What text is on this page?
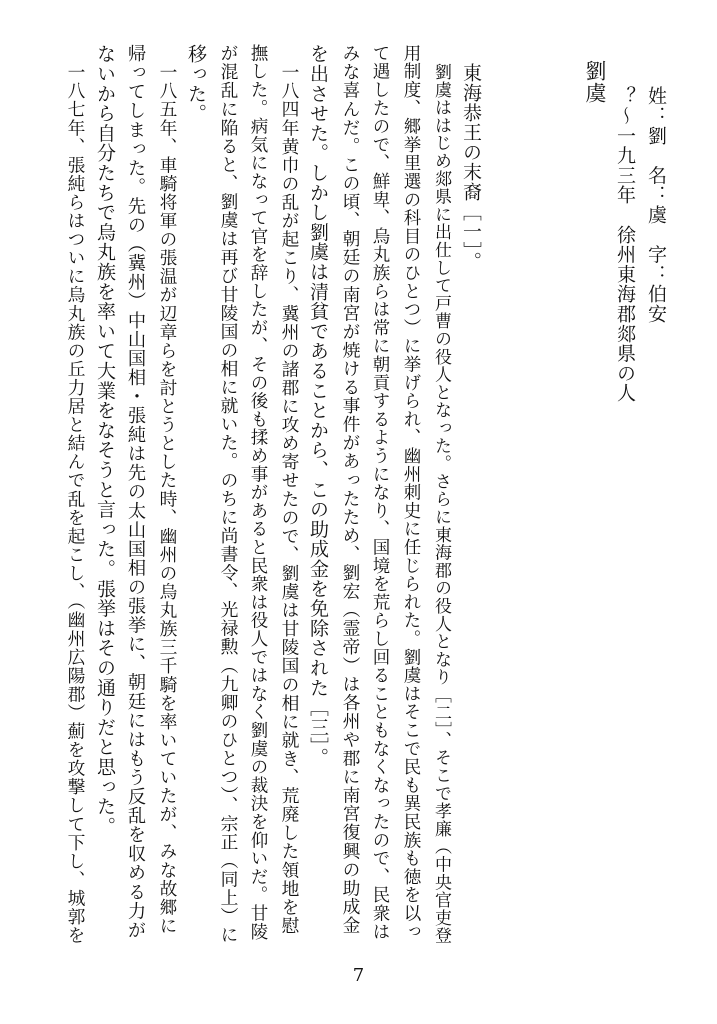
劉虞
？～一九三年　徐州東海郡郯県の人 姓：劉　名：虞　字：伯安
東海恭王の末裔［一］。
劉虞ははじめ郯県に出仕して戸曹の役人となった。さらに東海郡の役人となり［二］、そこで孝廉（中央官吏登
用制度、郷挙里選の科目のひとつ）に挙げられ、幽州刺史に任じられた。劉虞はそこで民も異民族も徳を以っ
て遇したので、鮮卑、烏丸族らは常に朝貢するようになり、国境を荒らし回ることもなくなったので、民衆は
みな喜んだ。この頃、朝廷の南宮が焼ける事件があったため、劉宏（霊帝）は各州や郡に南宮復興の助成金
を出させた。しかし劉虞は清貧であることから、この助成金を免除された［三］。
一八四年黄巾の乱が起こり、冀州の諸郡に攻め寄せたので、劉虞は甘陵国の相に就き、荒廃した領地を慰
撫した。病気になって官を辞したが、その後も揉め事があると民衆は役人ではなく劉虞の裁決を仰いだ。甘陵
が混乱に陥ると、劉虞は再び甘陵国の相に就いた。のちに尚書令、光禄勲（九卿のひとつ）、宗正（同上）に
移った。
一八五年、車騎将軍の張温が辺章らを討とうとした時、幽州の烏丸族三千騎を率いていたが、みな故郷に
帰ってしまった。先の（冀州）中山国相・張純は先の太山国相の張挙に、朝廷にはもう反乱を収める力が
ないから自分たちで烏丸族を率いて大業をなそうと言った。張挙はその通りだと思った。
一八七年、張純らはついに烏丸族の丘力居と結んで乱を起こし、（幽州広陽郡）薊を攻撃して下し、城郭を
7
